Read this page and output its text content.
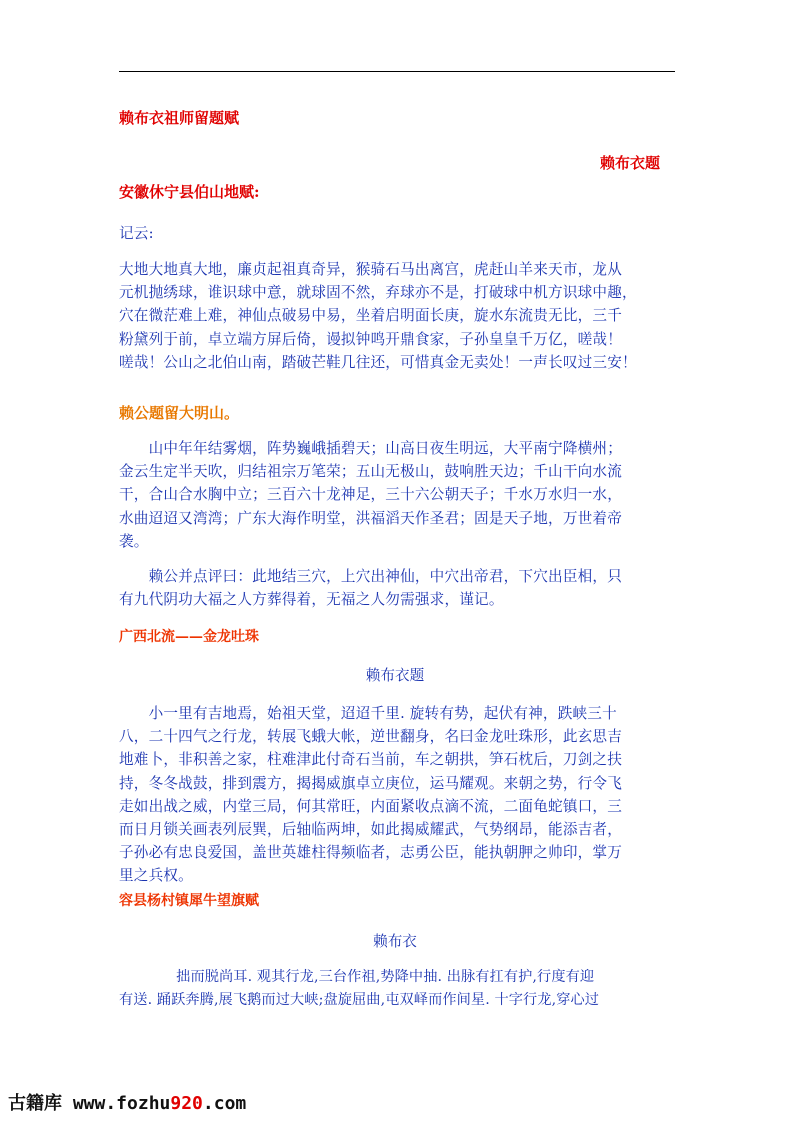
赖布衣祖师留题赋
赖布衣题
安徽休宁县伯山地赋:
记云:
大地大地真大地，廉贞起祖真奇异，猴骑石马出离宫，虎赶山羊来天市，龙从
元机抛绣球，谁识球中意，就球固不然，弃球亦不是，打破球中机方识球中趣，
穴在微茫难上难，神仙点破易中易，坐着启明面长庚，旋水东流贵无比，三千
粉黛列于前，卓立端方屏后倚，谩拟钟鸣开鼎食家，子孙皇皇千万亿，嗟哉！
嗟哉！公山之北伯山南，踏破芒鞋几往还，可惜真金无卖处！一声长叹过三安！
赖公题留大明山。
　　山中年年结雾烟，阵势巍峨插碧天；山高日夜生明远，大平南宁降横州；
金云生定半天吹，归结祖宗万笔荣；五山无极山，鼓响胜天边；千山干向水流
干，合山合水胸中立；三百六十龙神足，三十六公朝天子；千水万水归一水，
水曲迢迢又湾湾；广东大海作明堂，洪福滔天作圣君；固是天子地，万世着帝
袭。
　　赖公并点评曰：此地结三穴，上穴出神仙，中穴出帝君，下穴出臣相，只
有九代阴功大福之人方葬得着，无福之人勿需强求，谨记。
广西北流——金龙吐珠
赖布衣题
　　小一里有吉地焉，始祖天堂，迢迢千里. 旋转有势，起伏有神，跌峡三十
八，二十四气之行龙，转展飞蛾大帐，逆世翻身，名曰金龙吐珠形，此玄思吉
地难卜，非积善之家，柱难津此付奇石当前，车之朝拱，笋石枕后，刀剑之扶
持，冬冬战鼓，排到震方，揭揭威旗卓立庚位，运马耀观。来朝之势，行令飞
走如出战之威，内堂三局，何其常旺，内面紧收点滴不流，二面龟蛇镇口，三
而日月锁关画表列辰巽，后轴临两坤，如此揭威耀武，气势纲昂，能添吉者，
子孙必有忠良爱国，盖世英雄柱得频临者，志勇公臣，能执朝胛之帅印，掌万
里之兵权。
容县杨村镇犀牛望旗赋
赖布衣
　　　　拙而脱尚耳. 观其行龙,三台作祖,势降中抽. 出脉有扛有护,行度有迎
有送. 踊跃奔腾,展飞鹅而过大峡;盘旋屈曲,屯双峄而作间星. 十字行龙,穿心过
古籍库 www.fozhu920.com
